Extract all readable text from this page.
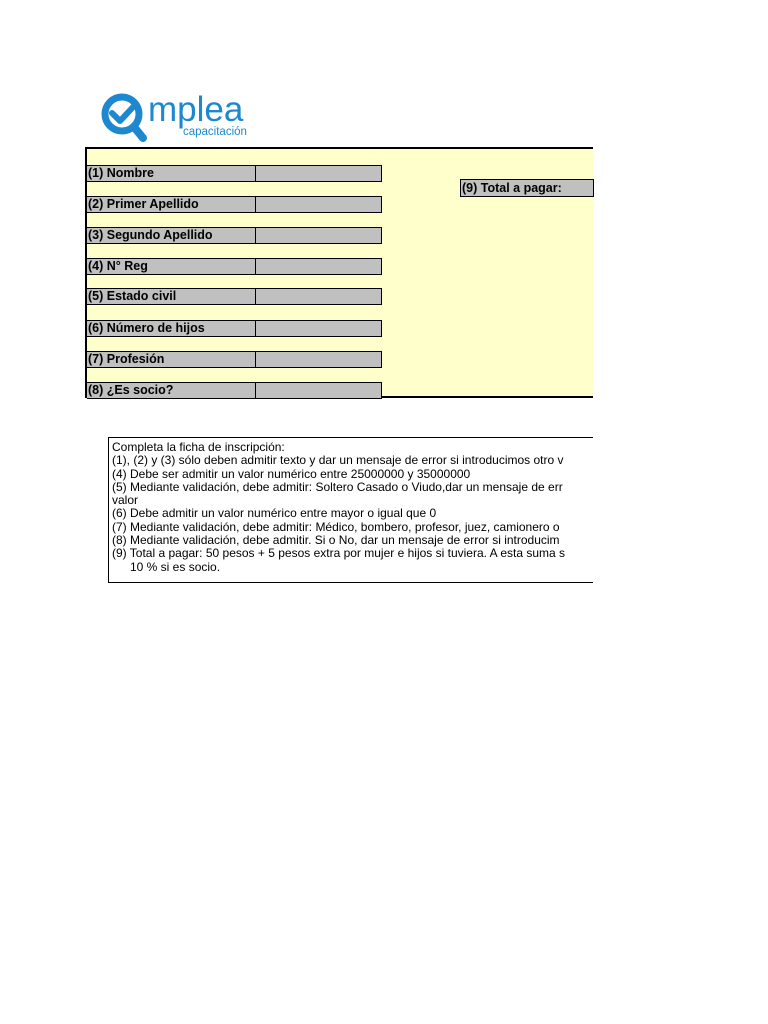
mplea
capacitación
(1) Nombre
(2) Primer Apellido
(3) Segundo Apellido
(4) N° Reg
(5) Estado civil
(6) Número de hijos
(7) Profesión
(8) ¿Es socio?
(9) Total a pagar:
Completa la ficha de inscripción:
(1), (2) y (3) sólo deben admitir texto y dar un mensaje de error si introducimos otro v
(4) Debe ser admitir un valor numérico entre 25000000 y 35000000
(5) Mediante validación, debe admitir: Soltero Casado o Viudo,dar un mensaje de err
valor
(6) Debe admitir un valor numérico entre mayor o igual que 0
(7) Mediante validación, debe admitir: Médico, bombero, profesor, juez, camionero o
(8) Mediante validación, debe admitir. Si o No, dar un mensaje de error si introducim
(9) Total a pagar: 50 pesos + 5 pesos extra por mujer e hijos si tuviera. A esta suma s
10 % si es socio.
